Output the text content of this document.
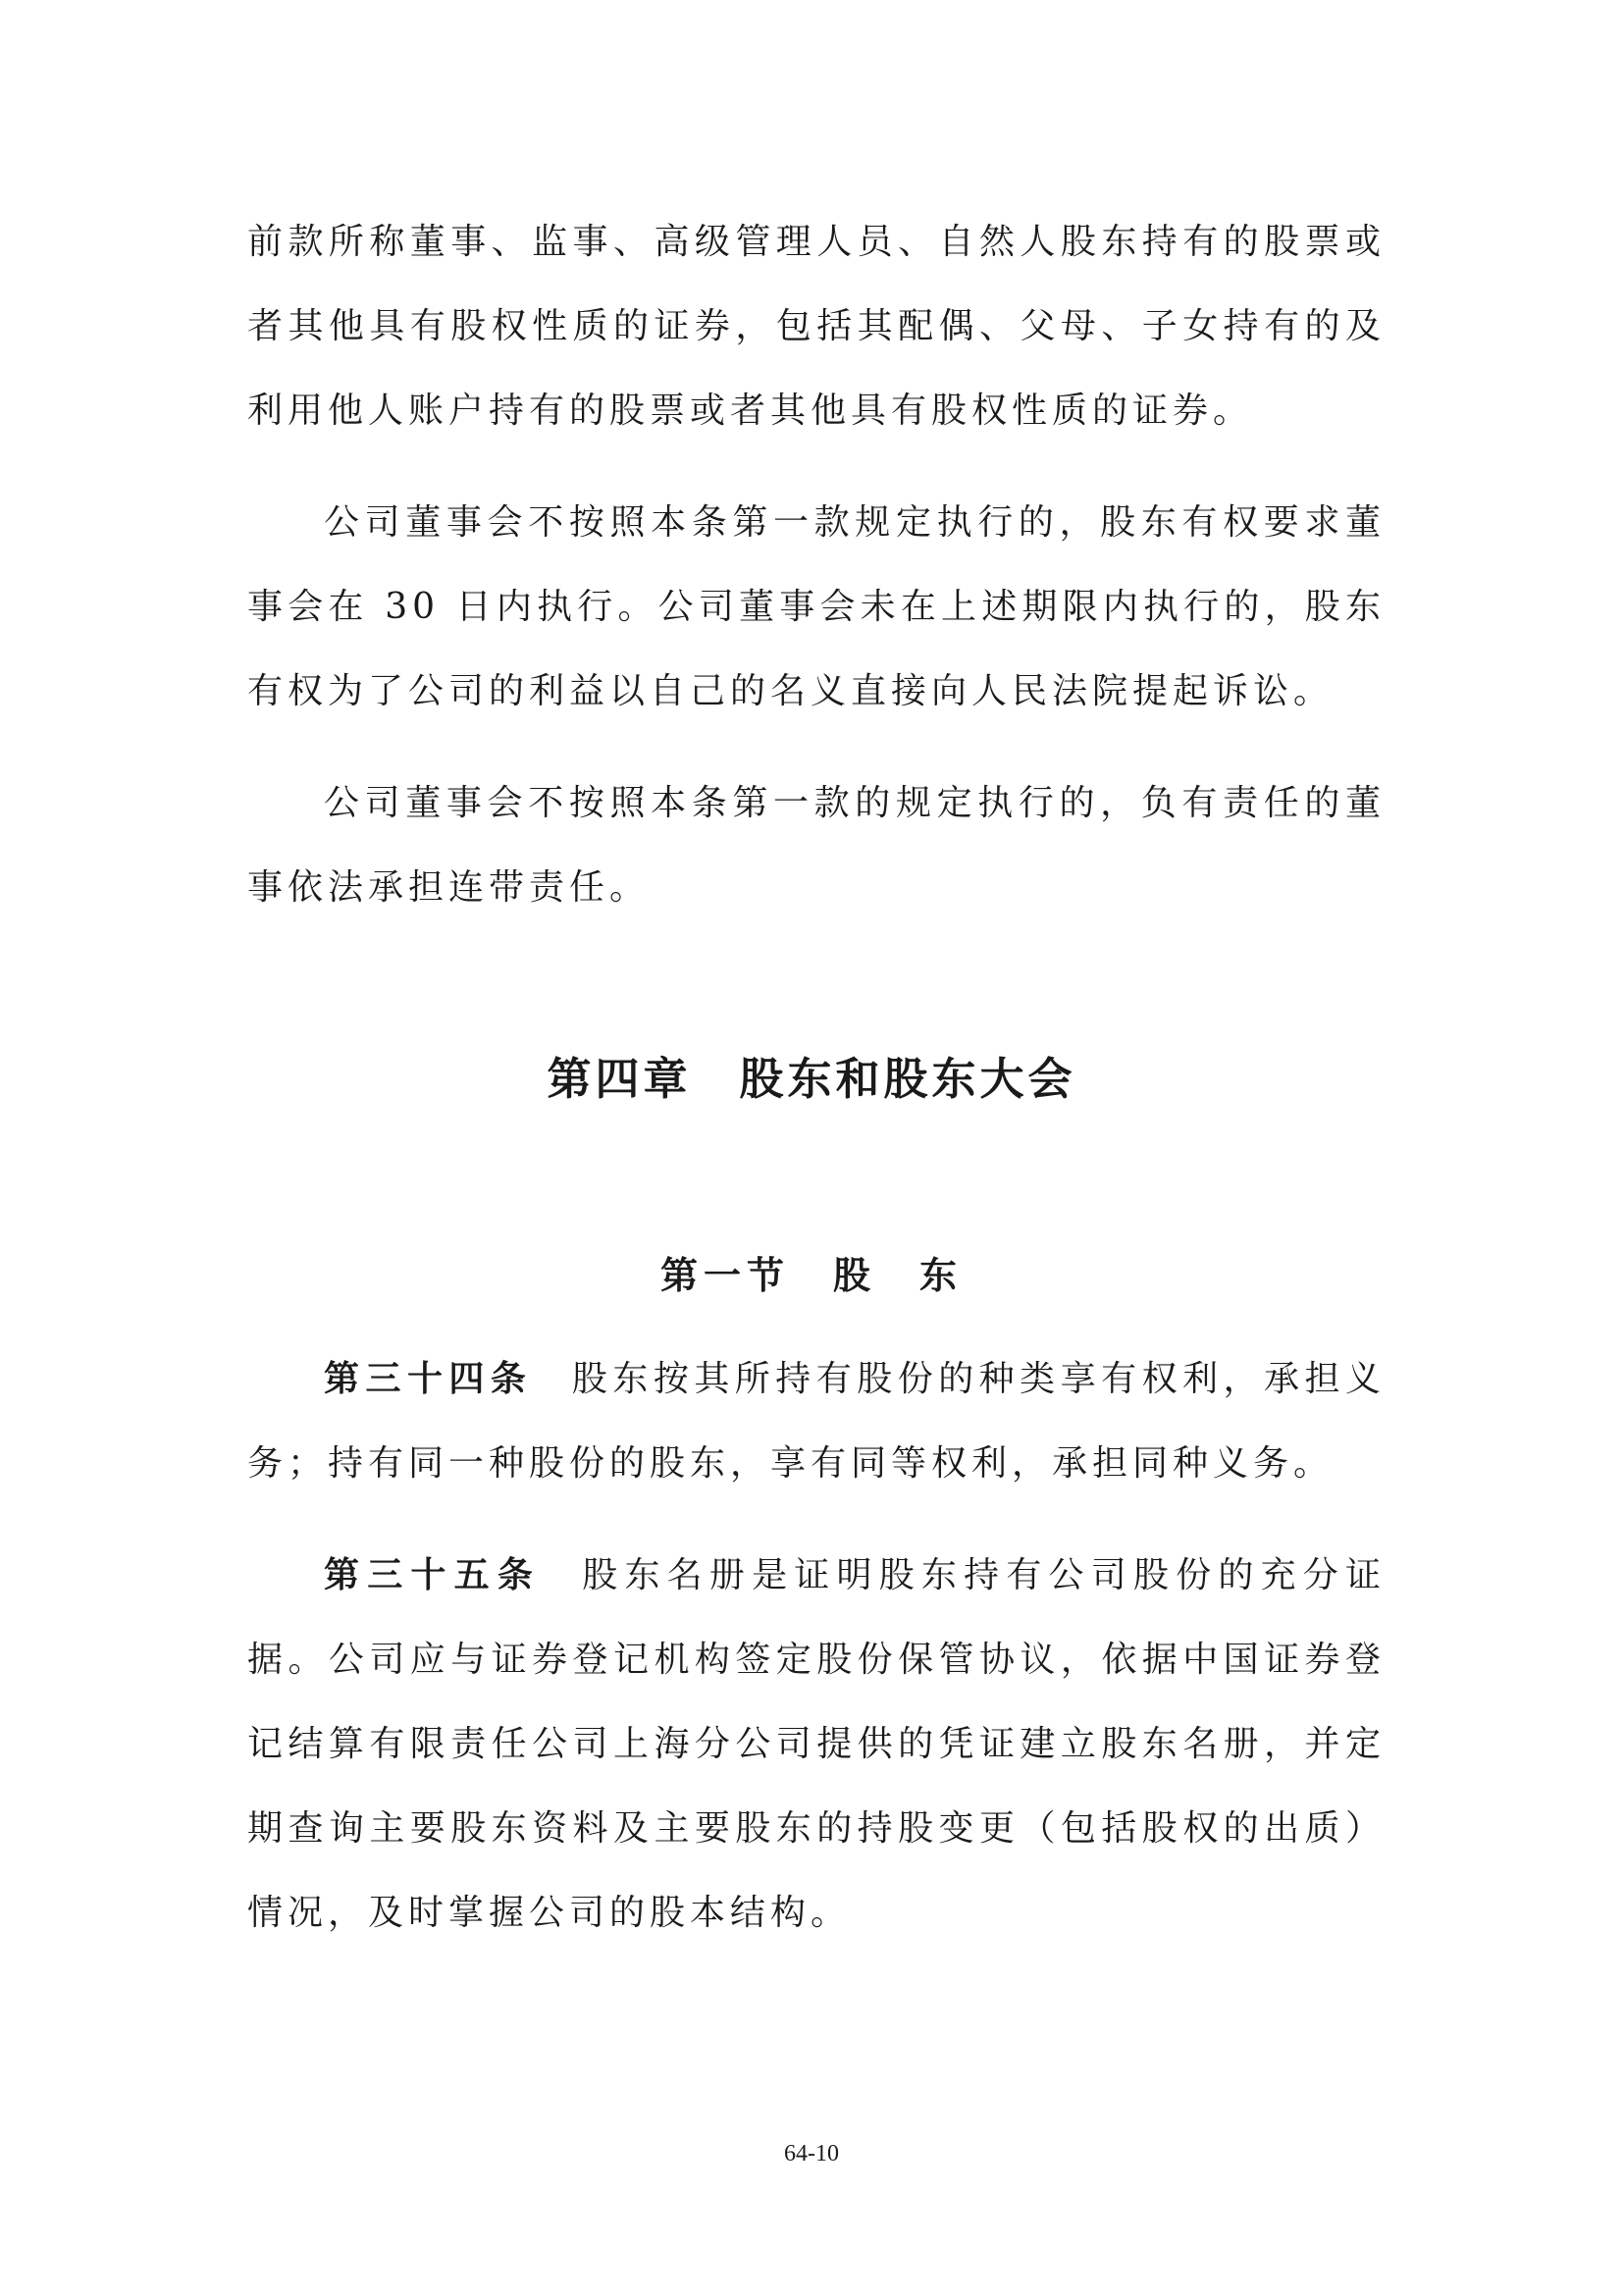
前款所称董事、监事、高级管理人员、自然人股东持有的股票或者其他具有股权性质的证券，包括其配偶、父母、子女持有的及利用他人账户持有的股票或者其他具有股权性质的证券。

公司董事会不按照本条第一款规定执行的，股东有权要求董事会在 30 日内执行。公司董事会未在上述期限内执行的，股东有权为了公司的利益以自己的名义直接向人民法院提起诉讼。

公司董事会不按照本条第一款的规定执行的，负有责任的董事依法承担连带责任。

第四章　股东和股东大会
第一节　股　东

第三十四条 股东按其所持有股份的种类享有权利，承担义务；持有同一种股份的股东，享有同等权利，承担同种义务。

第三十五条 股东名册是证明股东持有公司股份的充分证据。公司应与证券登记机构签定股份保管协议，依据中国证券登记结算有限责任公司上海分公司提供的凭证建立股东名册，并定期查询主要股东资料及主要股东的持股变更（包括股权的出质）情况，及时掌握公司的股本结构。

64-10
